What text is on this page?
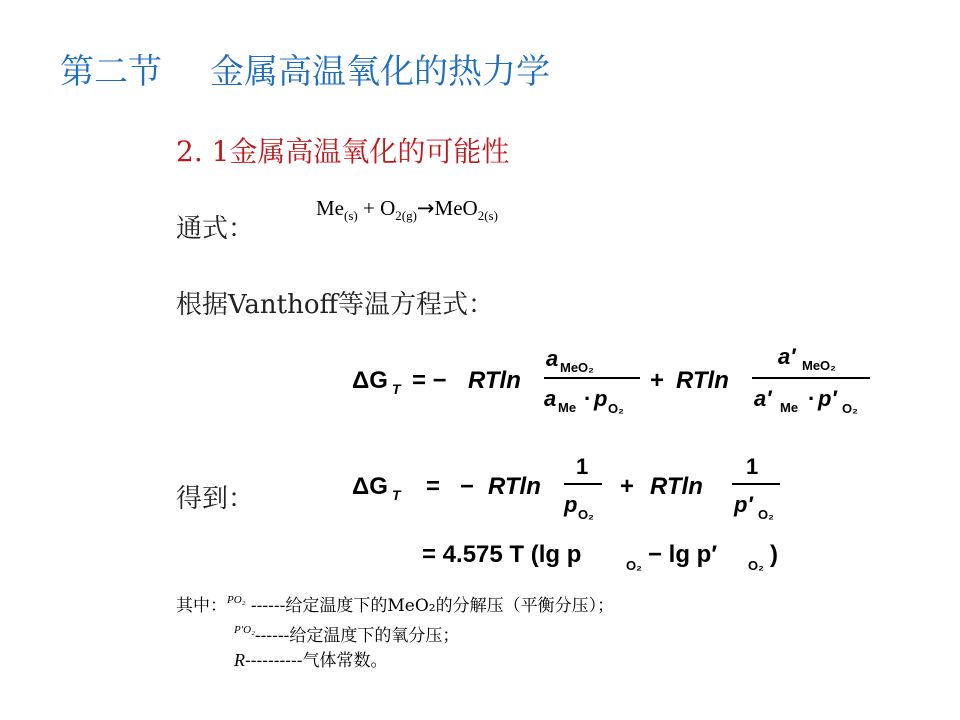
第二节 金属高温氧化的热力学
2. 1金属高温氧化的可能性
通式：
$Me_{(s)} + O_{2(g)}\to MeO_{2(s)}$
根据Vanthoff等温方程式：
ΔG T = − RTln
a MeO₂
a Me · p O₂
+ RTln
a′ MeO₂
a′ Me · p′ O₂
得到：	ΔG T = − RTln
1
p O₂
+ RTln
1
p′ O₂
= 4.575 T (lg p	O₂ − lg p′ O₂ )
其中：PO₂ ------给定温度下的MeO₂的分解压（平衡分压）；
P′O₂------给定温度下的氧分压；
R----------气体常数。
